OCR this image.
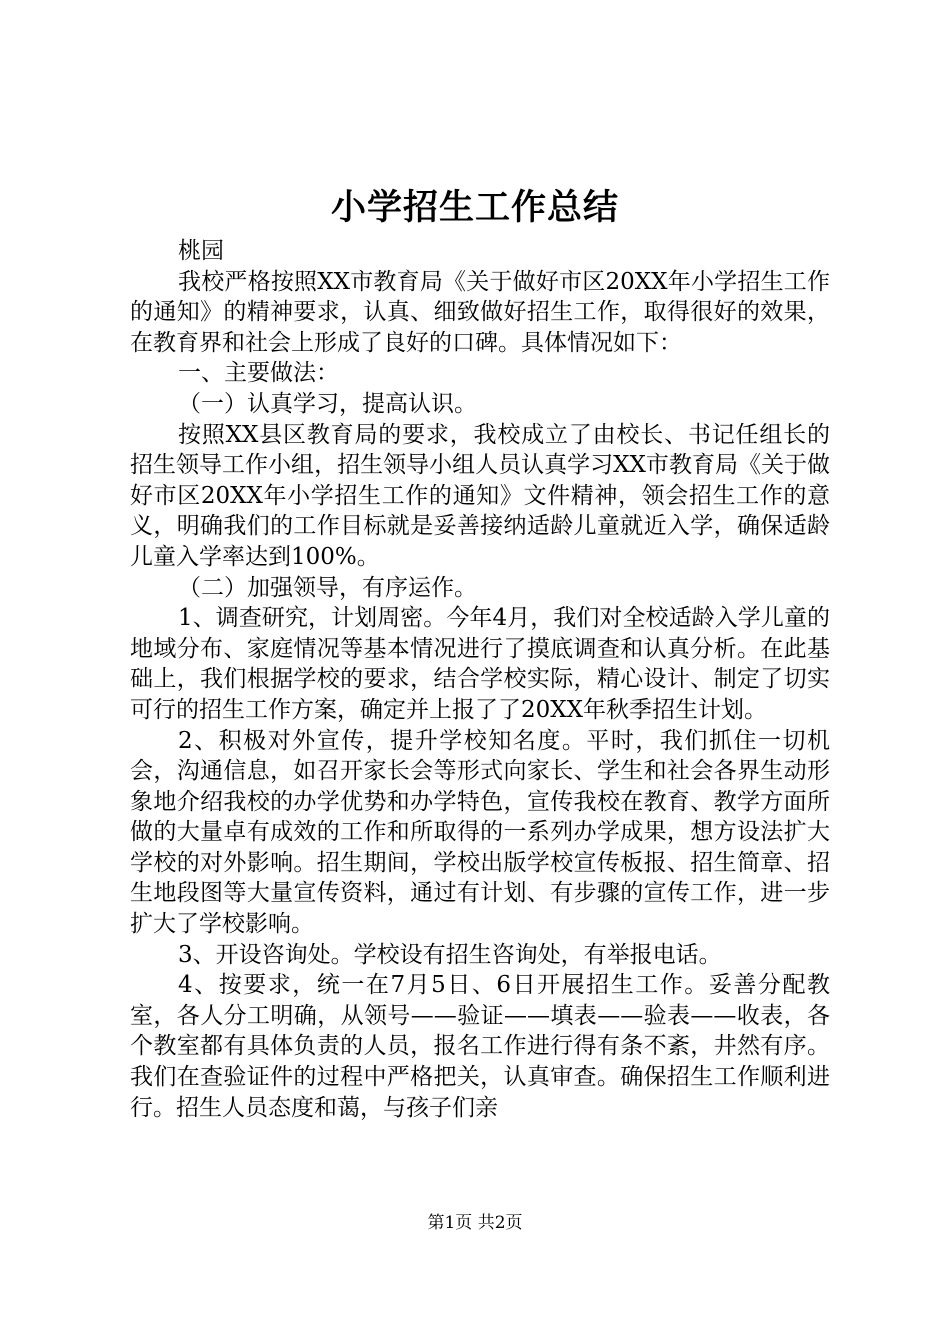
小学招生工作总结

桃园

我校严格按照XX市教育局《关于做好市区20XX年小学招生工作的通知》的精神要求，认真、细致做好招生工作，取得很好的效果，在教育界和社会上形成了良好的口碑。具体情况如下：

一、主要做法：

（一）认真学习，提高认识。

按照XX县区教育局的要求，我校成立了由校长、书记任组长的招生领导工作小组，招生领导小组人员认真学习XX市教育局《关于做好市区20XX年小学招生工作的通知》文件精神，领会招生工作的意义，明确我们的工作目标就是妥善接纳适龄儿童就近入学，确保适龄儿童入学率达到100%。

（二）加强领导，有序运作。

1、调查研究，计划周密。今年4月，我们对全校适龄入学儿童的地域分布、家庭情况等基本情况进行了摸底调查和认真分析。在此基础上，我们根据学校的要求，结合学校实际，精心设计、制定了切实可行的招生工作方案，确定并上报了了20XX年秋季招生计划。

2、积极对外宣传，提升学校知名度。平时，我们抓住一切机会，沟通信息，如召开家长会等形式向家长、学生和社会各界生动形象地介绍我校的办学优势和办学特色，宣传我校在教育、教学方面所做的大量卓有成效的工作和所取得的一系列办学成果，想方设法扩大学校的对外影响。招生期间，学校出版学校宣传板报、招生简章、招生地段图等大量宣传资料，通过有计划、有步骤的宣传工作，进一步扩大了学校影响。

3、开设咨询处。学校设有招生咨询处，有举报电话。

4、按要求，统一在7月5日、6日开展招生工作。妥善分配教室，各人分工明确，从领号——验证——填表——验表——收表，各个教室都有具体负责的人员，报名工作进行得有条不紊，井然有序。我们在查验证件的过程中严格把关，认真审查。确保招生工作顺利进行。招生人员态度和蔼，与孩子们亲

第1页 共2页
